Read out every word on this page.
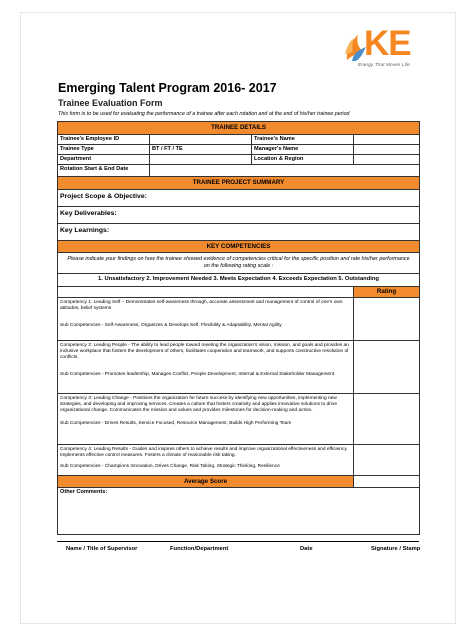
KE
Energy That Moves Life
Emerging Talent Program 2016- 2017
Trainee Evaluation Form
This form is to be used for evaluating the performance of a trainee after each rotation and at the end of his/her trainee period
TRAINEE DETAILS			
Trainee's Employee ID		Trainee's Name	
Trainee Type	BT / FT / TE	Manager's Name	
Department		Location & Region	
Rotation Start & End Date			
TRAINEE PROJECT SUMMARY			
Project Scope & Objective:			
Key Deliverables:			
Key Learnings:			
KEY COMPETENCIES			
Please indicate your findings on how the trainee showed evidence of competencies critical for the specific position and rate his/her performance on the following rating scale :			
1. Unsatisfactory 2. Improvement Needed 3. Meets Expectation 4. Exceeds Expectation 5. Outstanding			
			Rating

Competency 1: Leading Self – Demonstrates self-awareness through, accurate assessment and management of control of one's own attitudes, belief systems

Sub Competencies - Self-Awareness, Organizes & Develops Self, Flexibility & Adaptability, Mental Agility			

Competency 2: Leading People - The ability to lead people toward meeting the organization's vision, mission, and goals and provides an inclusive workplace that fosters the development of others, facilitates cooperation and teamwork, and supports constructive resolution of conflicts.

Sub Competencies - Promotes leadership, Manages Conflict, People Development, Internal & External Stakeholder Management			

Competency 3: Leading Change - Positions the organization for future success by identifying new opportunities, implementing new strategies, and developing and improving services. Creates a culture that fosters creativity and applies innovative solutions to drive organizational change. Communicates the mission and values and provides milestones for decision-making and action.

Sub Competencies - Drives Results, Service Focused, Resource Management, Builds High Performing Team			

Competency 4: Leading Results - Guides and inspires others to achieve results and improve organizational effectiveness and efficiency. Implements effective control measures. Fosters a climate of reasonable risk taking.

Sub Competencies - Champions Innovation, Drives Change, Risk Taking, Strategic Thinking, Resilience			

Average Score			
Other Comments:			
Name / Title of Supervisor	Function/Department	Date	Signature / Stamp
